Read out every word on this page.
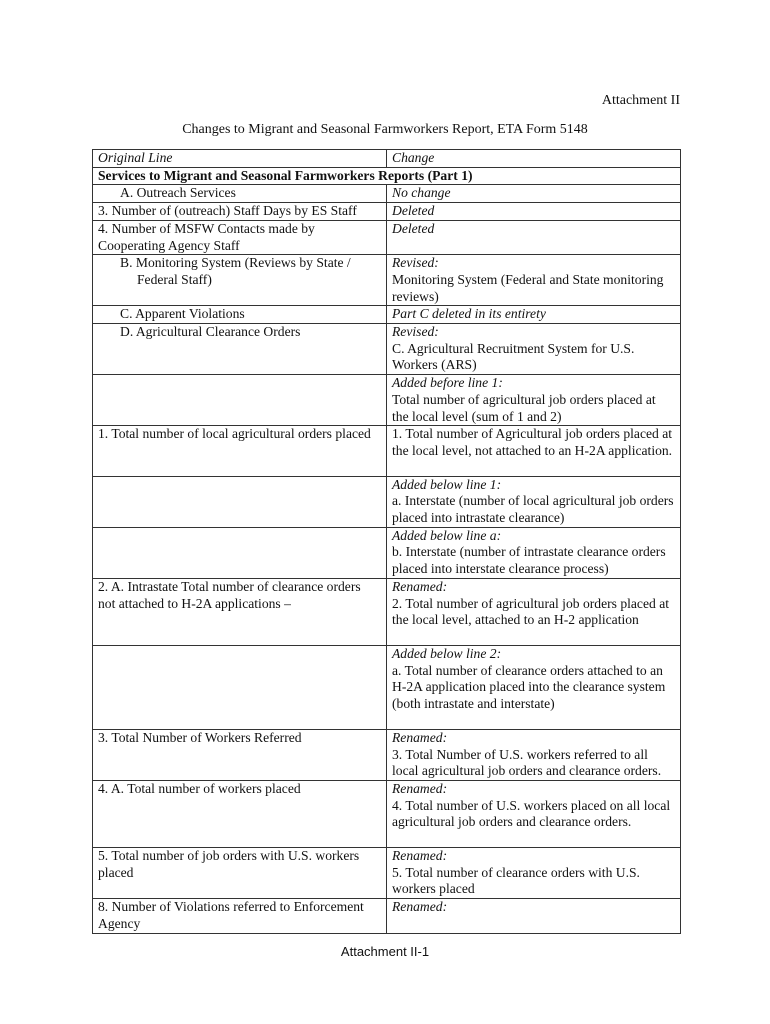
Attachment II
Changes to Migrant and Seasonal Farmworkers Report, ETA Form 5148
Original Line	Change
Services to Migrant and Seasonal Farmworkers Reports (Part 1)	

A. Outreach Services	No change
3. Number of (outreach) Staff Days by ES Staff	Deleted
4. Number of MSFW Contacts made by Cooperating Agency Staff	Deleted

B. Monitoring System (Reviews by State / Federal Staff)	Revised:
Monitoring System (Federal and State monitoring reviews)

C. Apparent Violations	Part C deleted in its entirety

D. Agricultural Clearance Orders	Revised:
C. Agricultural Recruitment System for U.S. Workers (ARS)

	Added before line 1:
Total number of agricultural job orders placed at the local level (sum of 1 and 2)

1. Total number of local agricultural orders placed	1. Total number of Agricultural job orders placed at the local level, not attached to an H-2A application.

	Added below line 1:
a. Interstate (number of local agricultural job orders placed into intrastate clearance)

	Added below line a:
b. Interstate (number of intrastate clearance orders placed into interstate clearance process)

2. A. Intrastate Total number of clearance orders not attached to H-2A applications –	Renamed:
2. Total number of agricultural job orders placed at the local level, attached to an H-2 application

	Added below line 2:
a. Total number of clearance orders attached to an H-2A application placed into the clearance system (both intrastate and interstate)

3. Total Number of Workers Referred	Renamed:
3. Total Number of U.S. workers referred to all local agricultural job orders and clearance orders.

4. A. Total number of workers placed	Renamed:
4. Total number of U.S. workers placed on all local agricultural job orders and clearance orders.

5. Total number of job orders with U.S. workers placed	Renamed:
5. Total number of clearance orders with U.S. workers placed

8. Number of Violations referred to Enforcement Agency	Renamed:
Attachment II-1
